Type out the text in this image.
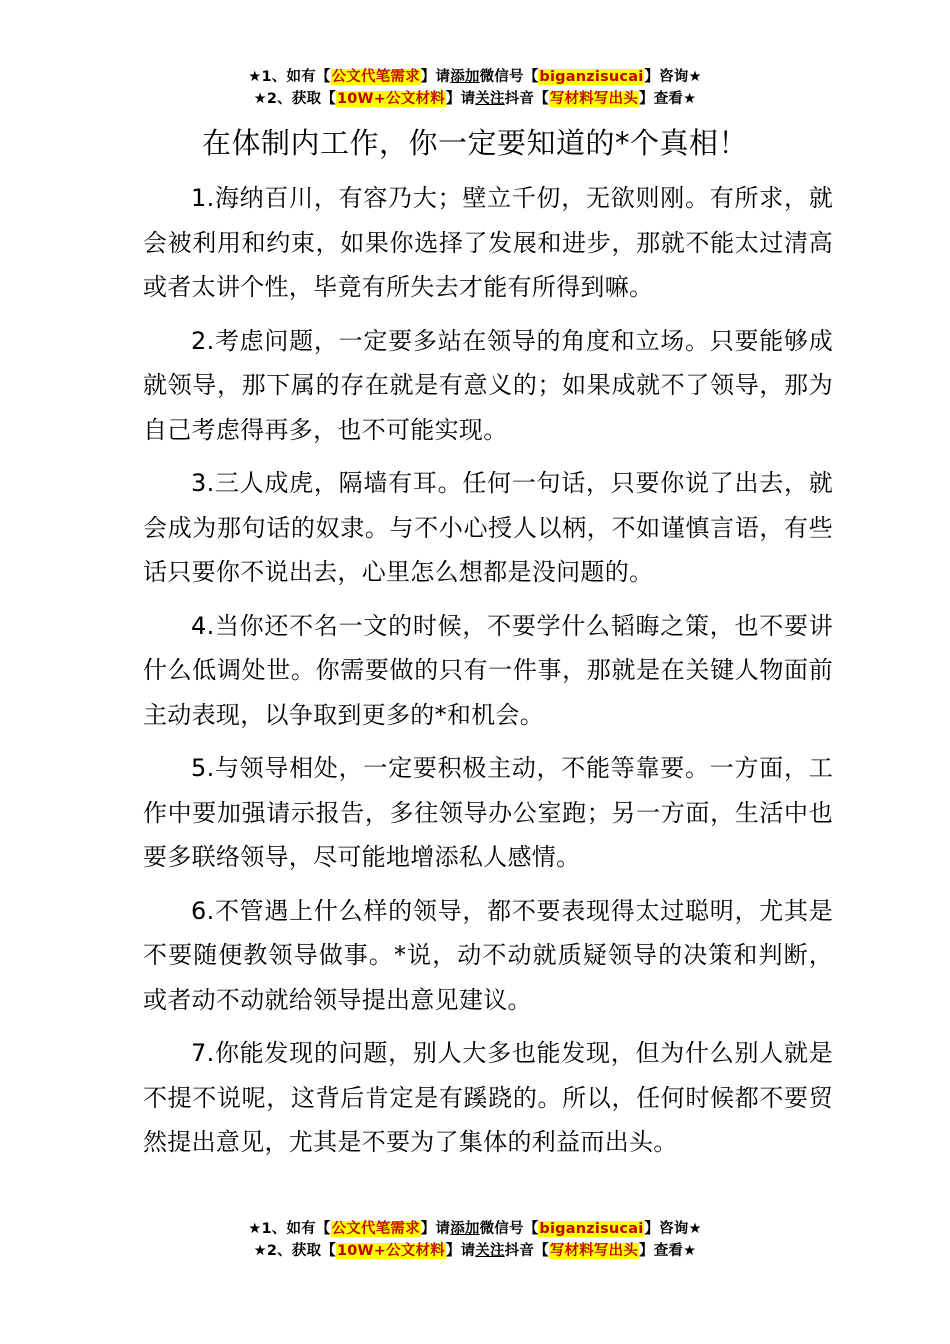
★1、如有【公文代笔需求】请添加微信号【biganzisucai】咨询★
★2、获取【10W+公文材料】请关注抖音【写材料写出头】查看★
在体制内工作，你一定要知道的*个真相！

1.海纳百川，有容乃大；壁立千仞，无欲则刚。有所求，就会被利用和约束，如果你选择了发展和进步，那就不能太过清高或者太讲个性，毕竟有所失去才能有所得到嘛。

2.考虑问题，一定要多站在领导的角度和立场。只要能够成就领导，那下属的存在就是有意义的；如果成就不了领导，那为自己考虑得再多，也不可能实现。

3.三人成虎，隔墙有耳。任何一句话，只要你说了出去，就会成为那句话的奴隶。与不小心授人以柄，不如谨慎言语，有些话只要你不说出去，心里怎么想都是没问题的。

4.当你还不名一文的时候，不要学什么韬晦之策，也不要讲什么低调处世。你需要做的只有一件事，那就是在关键人物面前主动表现，以争取到更多的*和机会。

5.与领导相处，一定要积极主动，不能等靠要。一方面，工作中要加强请示报告，多往领导办公室跑；另一方面，生活中也要多联络领导，尽可能地增添私人感情。

6.不管遇上什么样的领导，都不要表现得太过聪明，尤其是不要随便教领导做事。*说，动不动就质疑领导的决策和判断，或者动不动就给领导提出意见建议。

7.你能发现的问题，别人大多也能发现，但为什么别人就是不提不说呢，这背后肯定是有蹊跷的。所以，任何时候都不要贸然提出意见，尤其是不要为了集体的利益而出头。

★1、如有【公文代笔需求】请添加微信号【biganzisucai】咨询★
★2、获取【10W+公文材料】请关注抖音【写材料写出头】查看★
